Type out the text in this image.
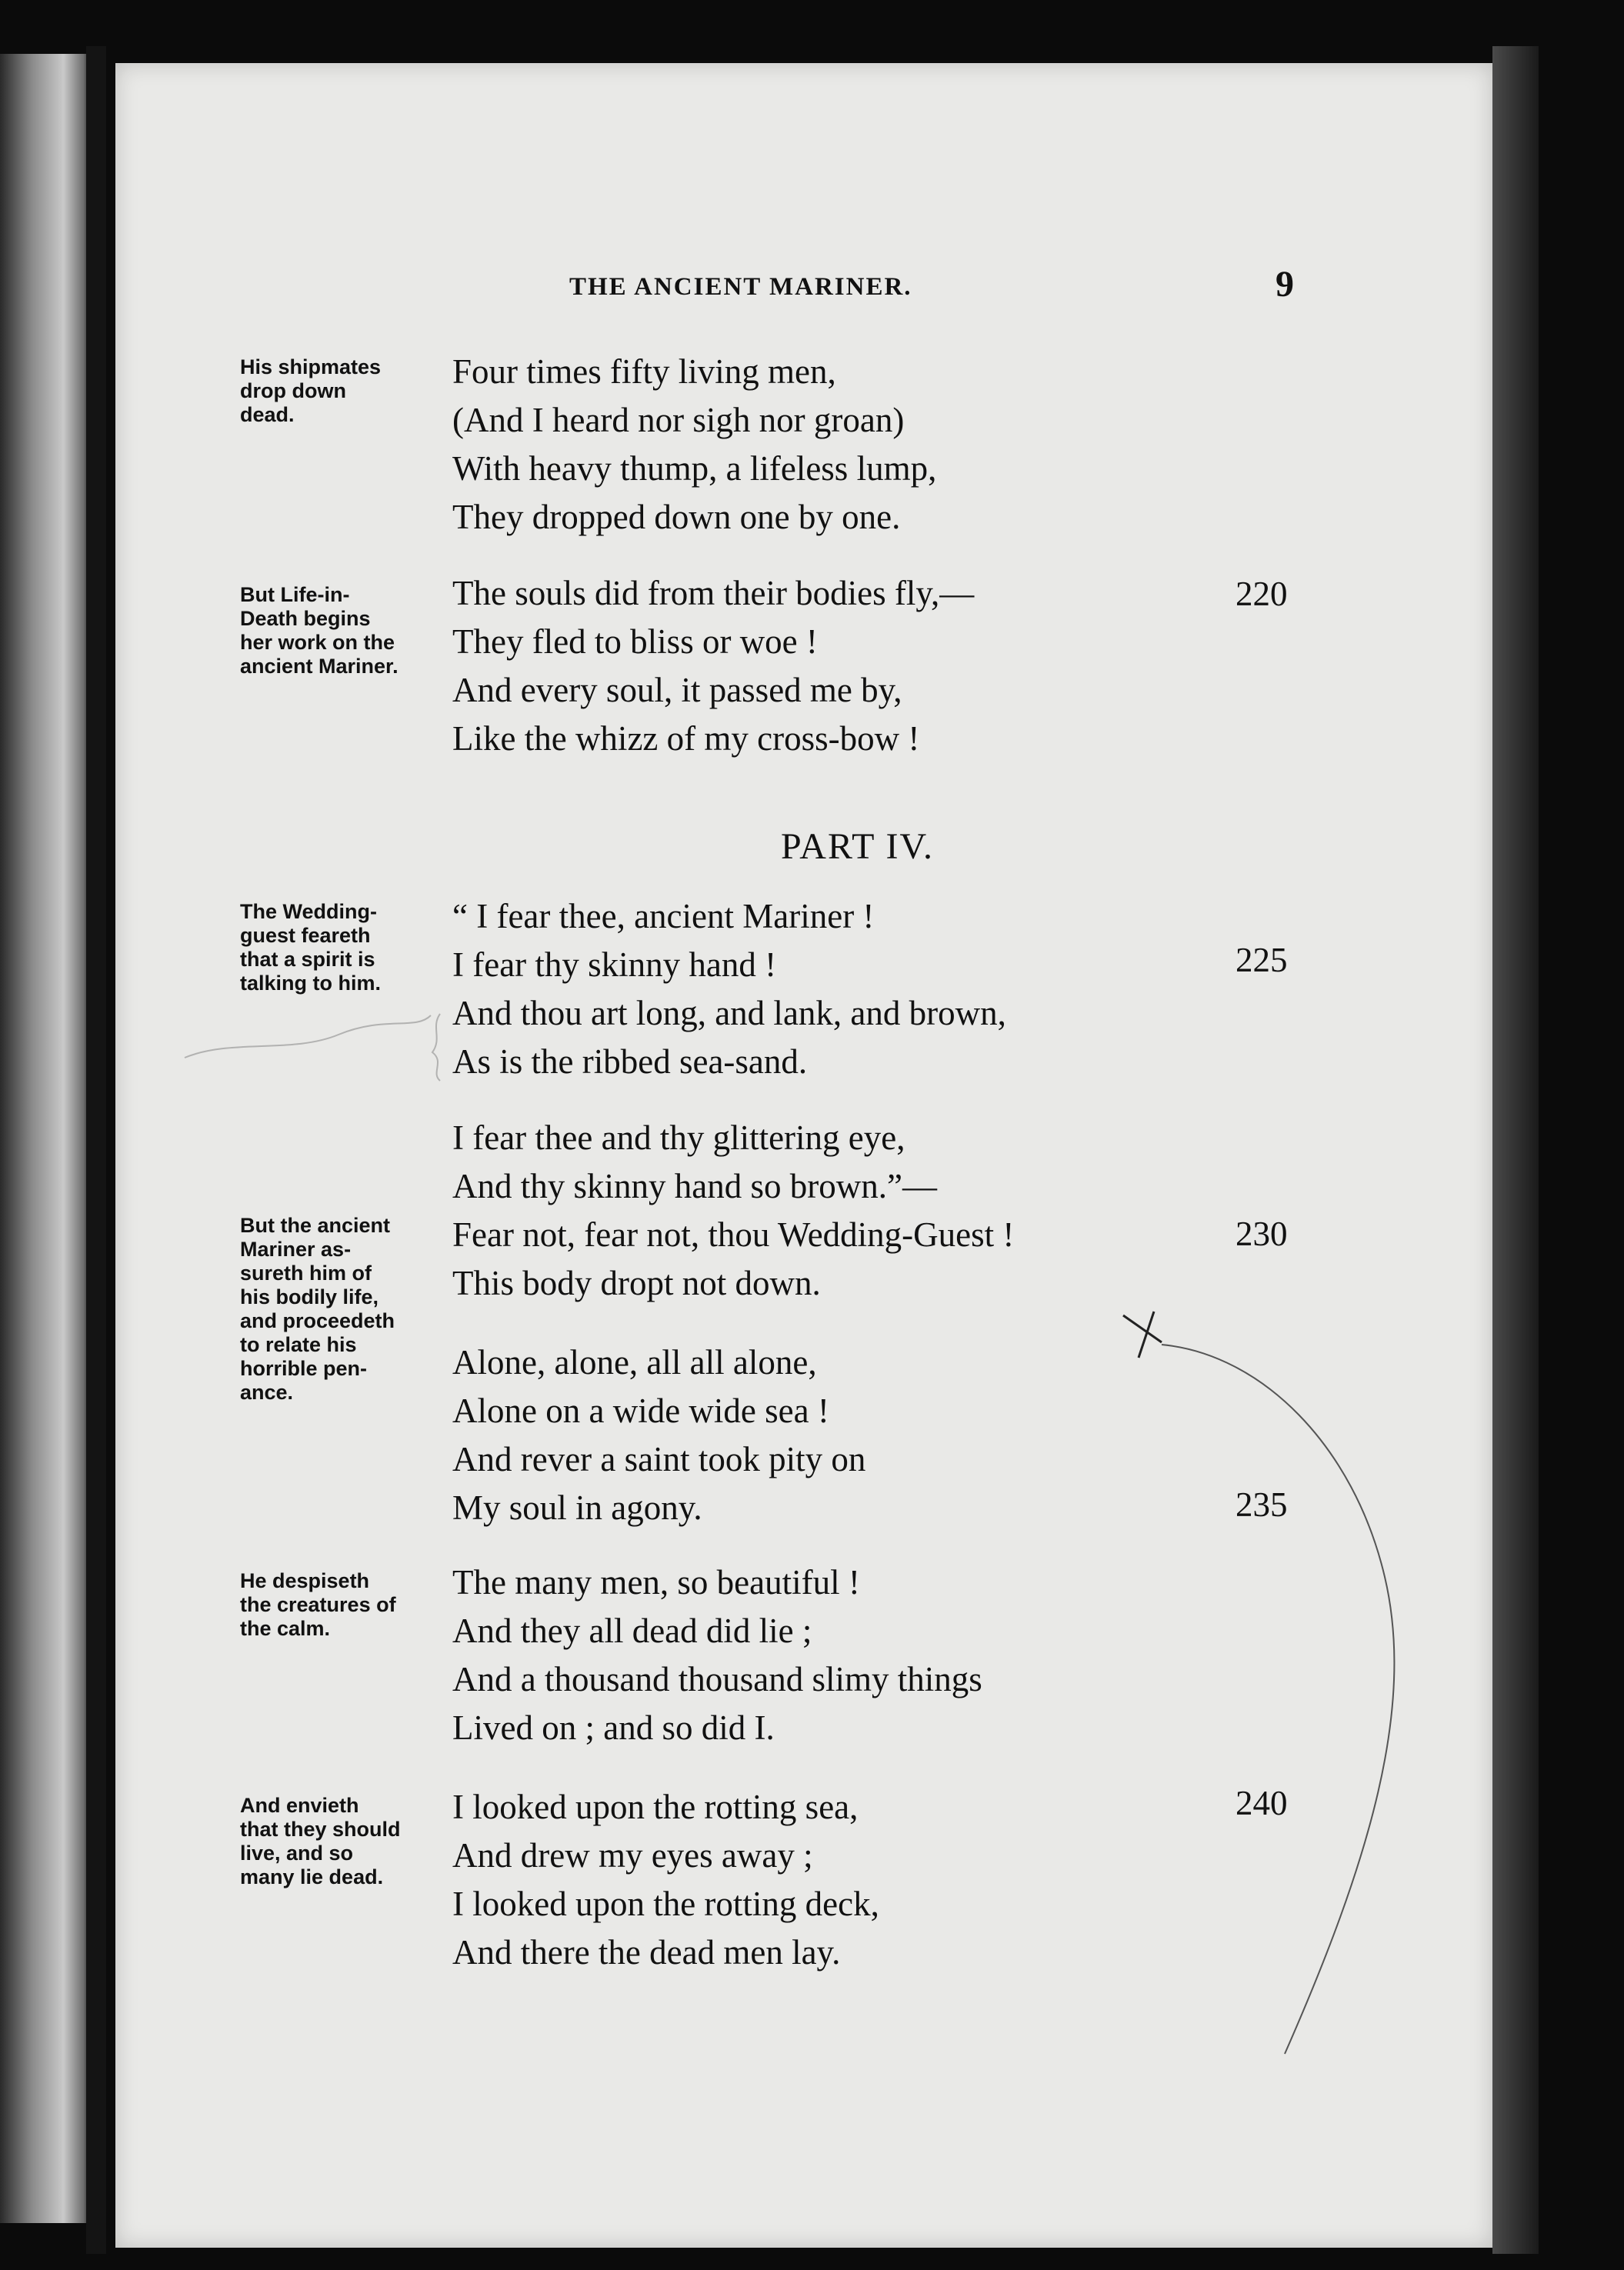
THE ANCIENT MARINER.	9
PART IV.
His shipmates
drop down
dead.
Four times fifty living men,
(And I heard nor sigh nor groan)
With heavy thump, a lifeless lump,
They dropped down one by one.
But Life-in-
Death begins
her work on the
ancient Mariner.
The souls did from their bodies fly,—
They fled to bliss or woe !
And every soul, it passed me by,
Like the whizz of my cross-bow !
220
The Wedding-
guest feareth
that a spirit is
talking to him.
“ I fear thee, ancient Mariner !
I fear thy skinny hand !
And thou art long, and lank, and brown,
As is the ribbed sea-sand.
225
But the ancient
Mariner as-
sureth him of
his bodily life,
and proceedeth
to relate his
horrible pen-
ance.
I fear thee and thy glittering eye,
And thy skinny hand so brown.”—
Fear not, fear not, thou Wedding-Guest !
This body dropt not down.
230
Alone, alone, all all alone,
Alone on a wide wide sea !
And rever a saint took pity on
My soul in agony.	235
He despiseth
the creatures of
the calm.
The many men, so beautiful !
And they all dead did lie ;
And a thousand thousand slimy things
Lived on ; and so did I.
And envieth
that they should
live, and so
many lie dead.
I looked upon the rotting sea,
And drew my eyes away ;
I looked upon the rotting deck,
And there the dead men lay.
240
